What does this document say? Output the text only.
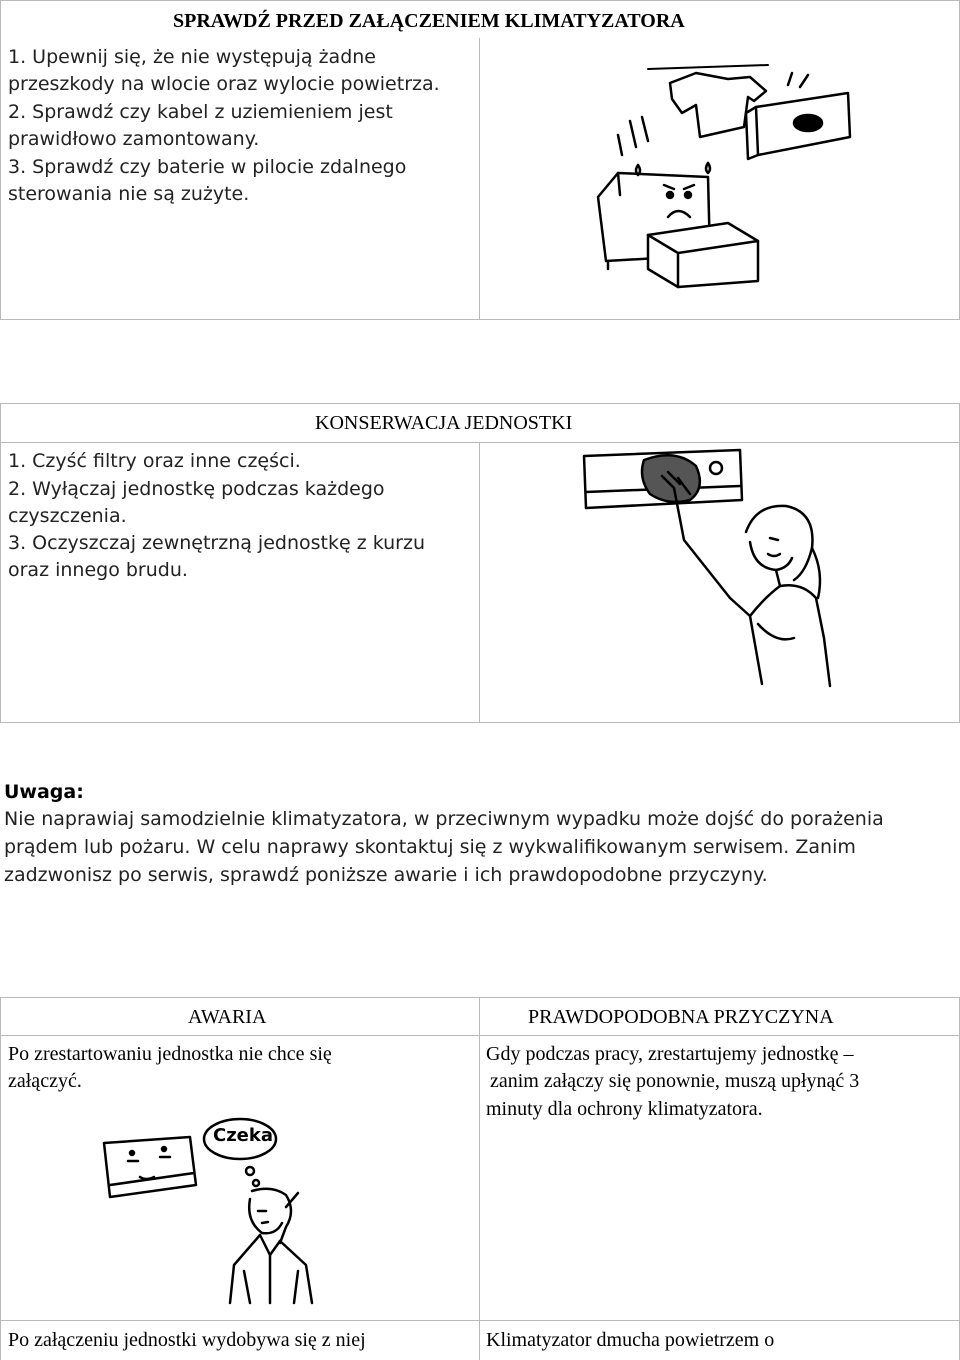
SPRAWDŹ PRZED ZAŁĄCZENIEM KLIMATYZATORA
1. Upewnij się, że nie występują żadne
przeszkody na wlocie oraz wylocie powietrza.
2. Sprawdź czy kabel z uziemieniem jest
prawidłowo zamontowany.
3. Sprawdź czy baterie w pilocie zdalnego
sterowania nie są zużyte.
KONSERWACJA JEDNOSTKI
1. Czyść filtry oraz inne części.
2. Wyłączaj jednostkę podczas każdego
czyszczenia.
3. Oczyszczaj zewnętrzną jednostkę z kurzu
oraz innego brudu.
Uwaga:
Nie naprawiaj samodzielnie klimatyzatora, w przeciwnym wypadku może dojść do porażenia
prądem lub pożaru. W celu naprawy skontaktuj się z wykwalifikowanym serwisem. Zanim
zadzwonisz po serwis, sprawdź poniższe awarie i ich prawdopodobne przyczyny.
AWARIA	PRAWDOPODOBNA PRZYCZYNA
Po zrestartowaniu jednostka nie chce się
załączyć.
Gdy podczas pracy, zrestartujemy jednostkę –
zanim załączy się ponownie, muszą upłynąć 3
minuty dla ochrony klimatyzatora.
Czeka
Po załączeniu jednostki wydobywa się z niej	Klimatyzator dmucha powietrzem o
